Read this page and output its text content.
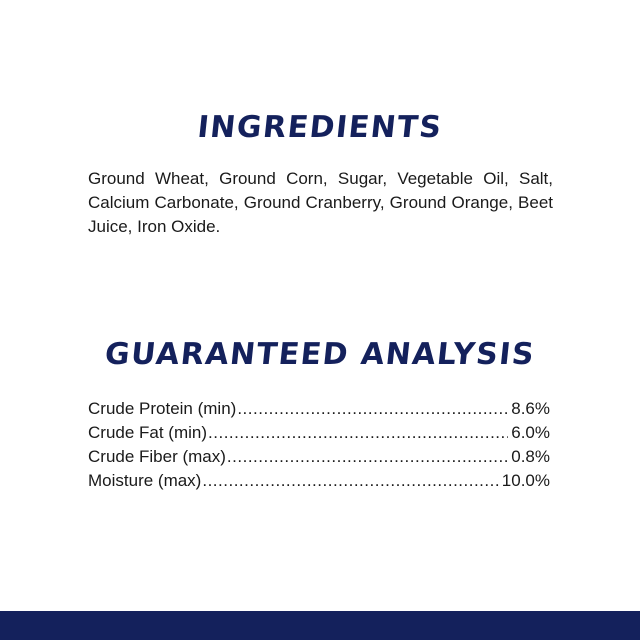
INGREDIENTS

Ground Wheat, Ground Corn, Sugar, Vegetable Oil, Salt, Calcium Carbonate, Ground Cranberry, Ground Orange, Beet Juice, Iron Oxide.

GUARANTEED ANALYSIS
Crude Protein (min) .....	8.6%
Crude Fat (min) .....	6.0%
Crude Fiber (max) .....	0.8%
Moisture (max) .....	10.0%
